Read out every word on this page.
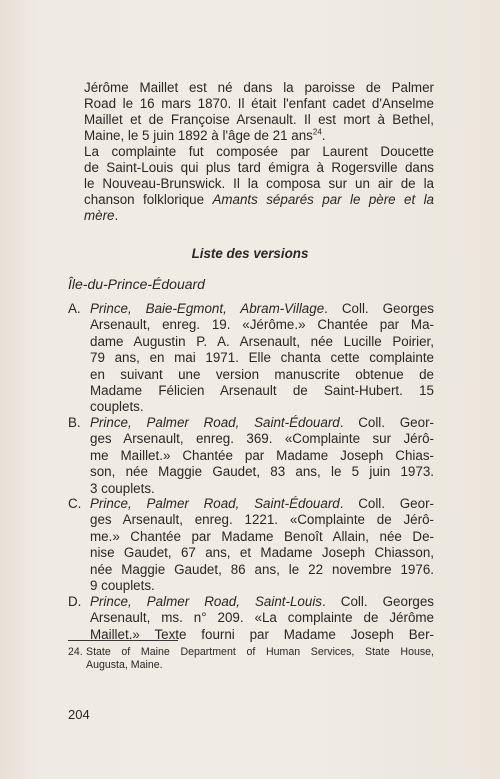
Jérôme Maillet est né dans la paroisse de Palmer
Road le 16 mars 1870. Il était l'enfant cadet d'Anselme
Maillet et de Françoise Arsenault. Il est mort à Bethel,
Maine, le 5 juin 1892 à l'âge de 21 ans$^{24}$.

La complainte fut composée par Laurent Doucette
de Saint-Louis qui plus tard émigra à Rogersville dans
le Nouveau-Brunswick. Il la composa sur un air de la
chanson folklorique Amants séparés par le père et la
mère.

Liste des versions
Île-du-Prince-Édouard
A. Prince, Baie-Egmont, Abram-Village. Coll. Georges
Arsenault, enreg. 19. «Jérôme.» Chantée par Ma-
dame Augustin P. A. Arsenault, née Lucille Poirier,
79 ans, en mai 1971. Elle chanta cette complainte
en suivant une version manuscrite obtenue de
Madame Félicien Arsenault de Saint-Hubert. 15
couplets.
B. Prince, Palmer Road, Saint-Édouard. Coll. Geor-
ges Arsenault, enreg. 369. «Complainte sur Jérô-
me Maillet.» Chantée par Madame Joseph Chias-
son, née Maggie Gaudet, 83 ans, le 5 juin 1973.
3 couplets.
C. Prince, Palmer Road, Saint-Édouard. Coll. Geor-
ges Arsenault, enreg. 1221. «Complainte de Jérô-
me.» Chantée par Madame Benoît Allain, née De-
nise Gaudet, 67 ans, et Madame Joseph Chiasson,
née Maggie Gaudet, 86 ans, le 22 novembre 1976.
9 couplets.
D. Prince, Palmer Road, Saint-Louis. Coll. Georges
Arsenault, ms. n° 209. «La complainte de Jérôme
Maillet.» Texte fourni par Madame Joseph Ber-
24. State of Maine Department of Human Services, State House,
Augusta, Maine.
204
